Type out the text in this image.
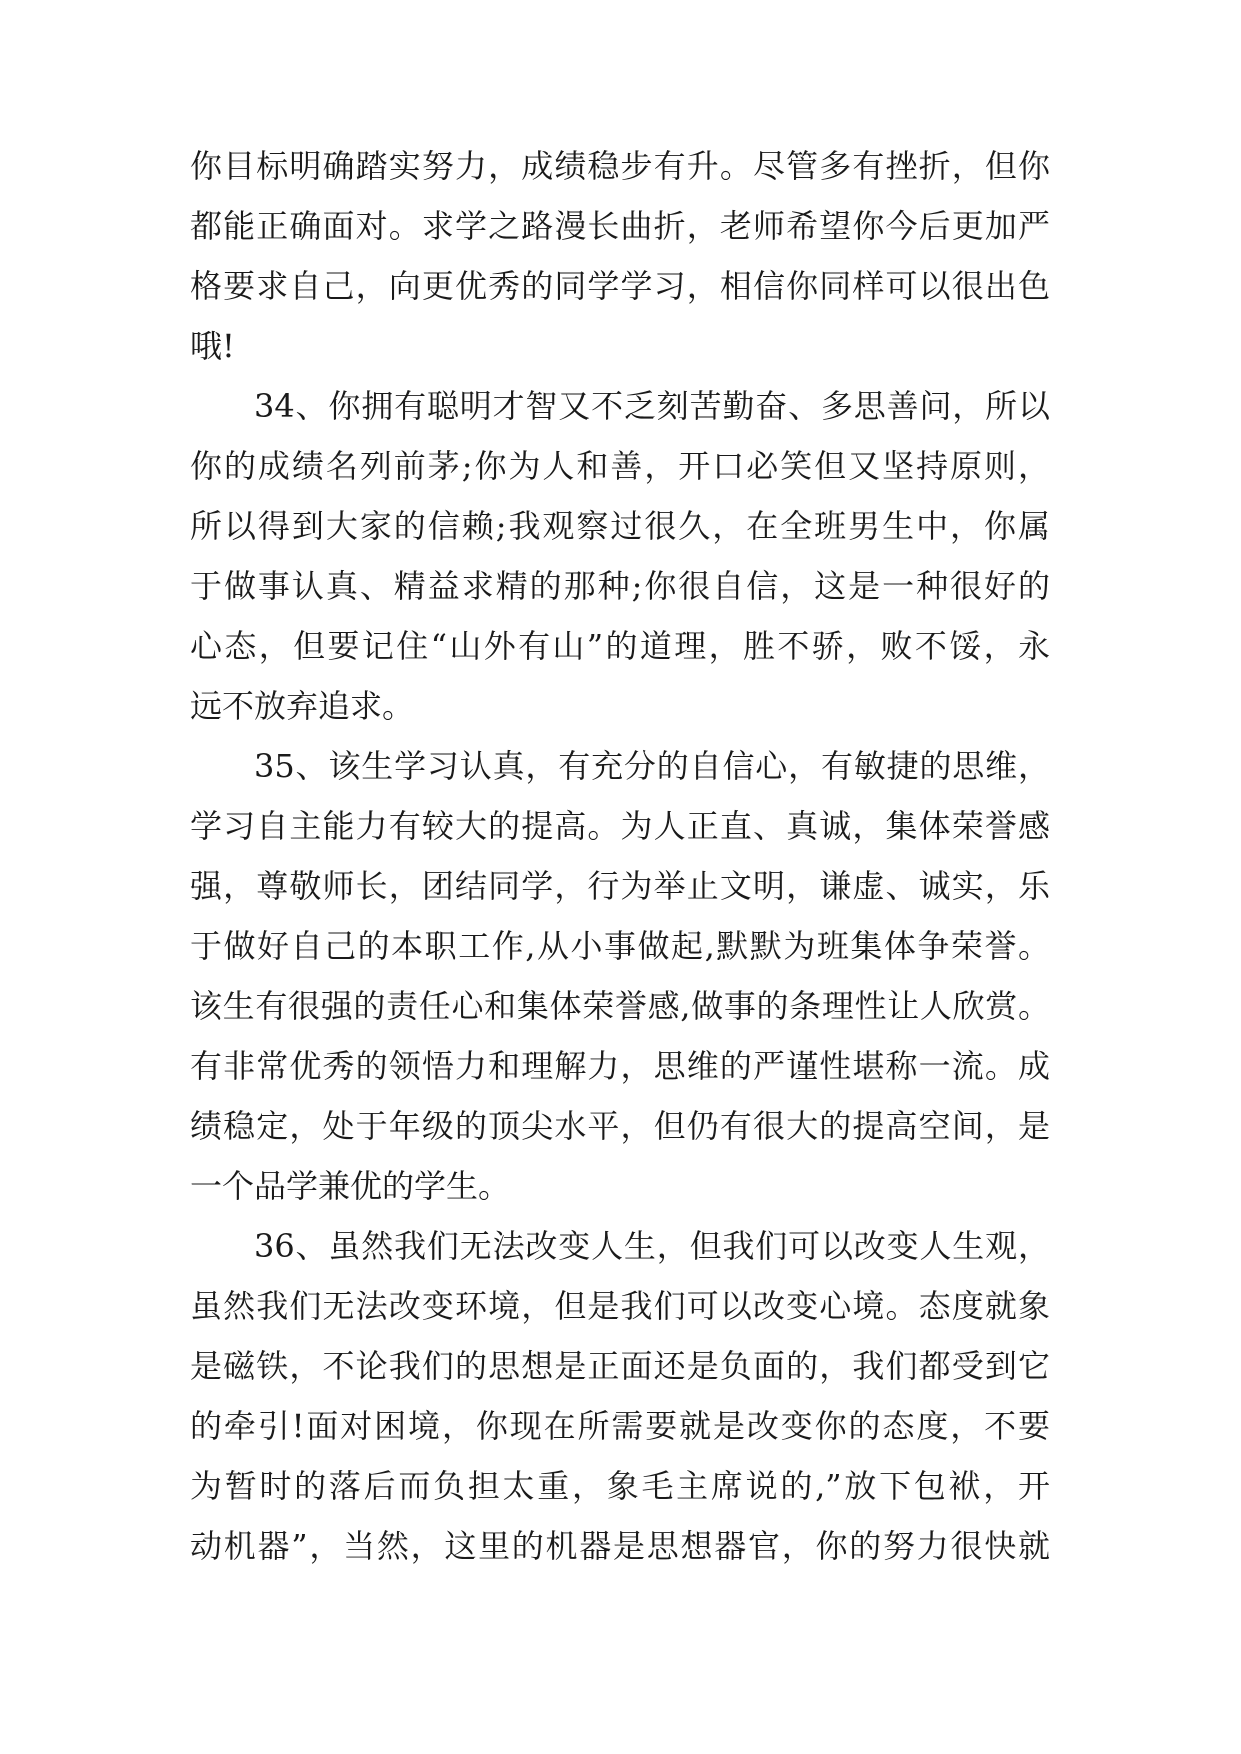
你目标明确踏实努力，成绩稳步有升。尽管多有挫折，但你
都能正确面对。求学之路漫长曲折，老师希望你今后更加严
格要求自己，向更优秀的同学学习，相信你同样可以很出色
哦!
34、你拥有聪明才智又不乏刻苦勤奋、多思善问，所以
你的成绩名列前茅;你为人和善，开口必笑但又坚持原则，
所以得到大家的信赖;我观察过很久，在全班男生中，你属
于做事认真、精益求精的那种;你很自信，这是一种很好的
心态，但要记住“山外有山”的道理，胜不骄，败不馁，永
远不放弃追求。
35、该生学习认真，有充分的自信心，有敏捷的思维，
学习自主能力有较大的提高。为人正直、真诚，集体荣誉感
强，尊敬师长，团结同学，行为举止文明，谦虚、诚实，乐
于做好自己的本职工作,从小事做起,默默为班集体争荣誉。
该生有很强的责任心和集体荣誉感,做事的条理性让人欣赏。
有非常优秀的领悟力和理解力，思维的严谨性堪称一流。成
绩稳定，处于年级的顶尖水平，但仍有很大的提高空间，是
一个品学兼优的学生。
36、虽然我们无法改变人生，但我们可以改变人生观，
虽然我们无法改变环境，但是我们可以改变心境。态度就象
是磁铁，不论我们的思想是正面还是负面的，我们都受到它
的牵引!面对困境，你现在所需要就是改变你的态度，不要
为暂时的落后而负担太重，象毛主席说的,”放下包袱，开
动机器”，当然，这里的机器是思想器官，你的努力很快就
